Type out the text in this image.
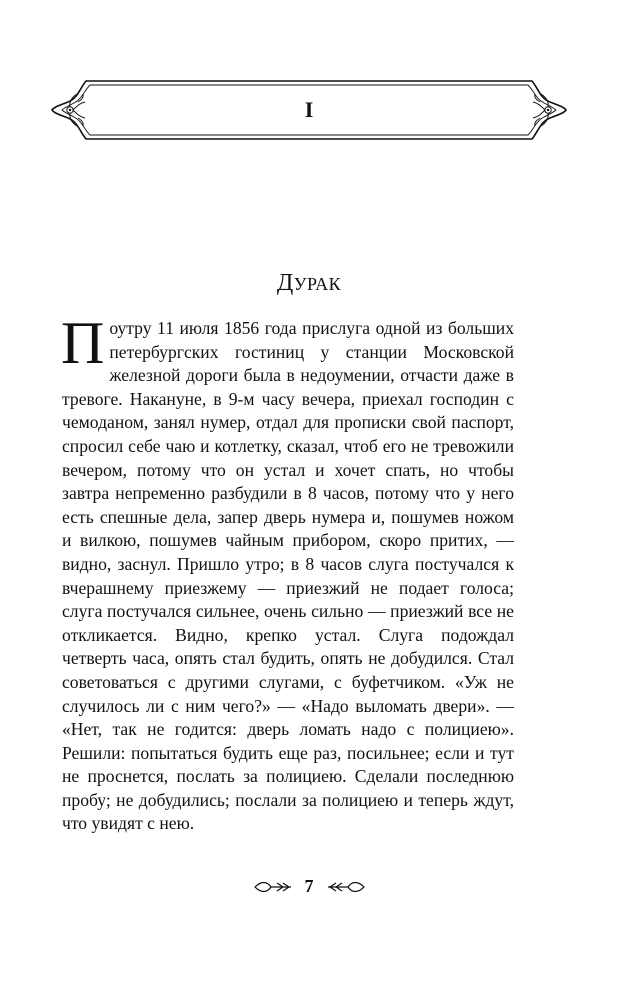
I
ДУРАК
Поутру 11 июля 1856 года прислуга одной из больших петербургских гостиниц у станции Московской железной дороги была в недоумении, отчасти даже в тревоге. Накануне, в 9-м часу вечера, приехал господин с чемоданом, занял нумер, отдал для прописки свой паспорт, спросил себе чаю и котлетку, сказал, чтоб его не тревожили вечером, потому что он устал и хочет спать, но чтобы завтра непременно разбудили в 8 часов, потому что у него есть спешные дела, запер дверь нумера и, пошумев ножом и вилкою, пошумев чайным прибором, скоро притих, — видно, заснул. Пришло утро; в 8 часов слуга постучался к вчерашнему приезжему — приезжий не подает голоса; слуга постучался сильнее, очень сильно — приезжий все не откликается. Видно, крепко устал. Слуга подождал четверть часа, опять стал будить, опять не добудился. Стал советоваться с другими слугами, с буфетчиком. «Уж не случилось ли с ним чего?» — «Надо выломать двери». — «Нет, так не годится: дверь ломать надо с полициею». Решили: попытаться будить еще раз, посильнее; если и тут не проснется, послать за полициею. Сделали последнюю пробу; не добудились; послали за полициею и теперь ждут, что увидят с нею.
7
